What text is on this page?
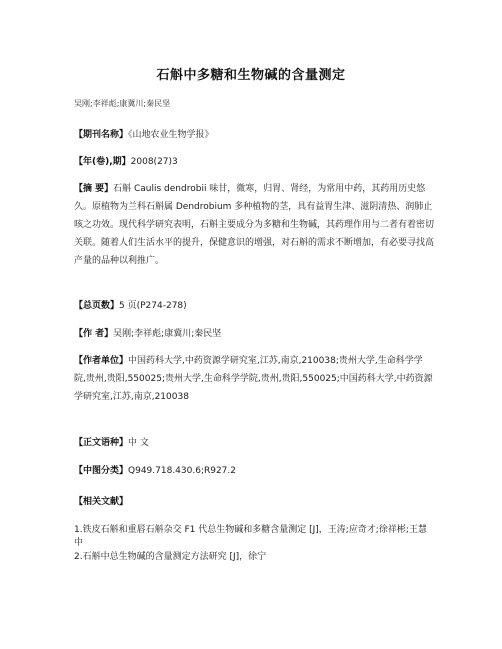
石斛中多糖和生物碱的含量测定
吴刚;李祥彪;康冀川;秦民坚
【期刊名称】《山地农业生物学报》
【年(卷),期】2008(27)3
【摘 要】石斛 Caulis dendrobii 味甘，微寒，归胃、肾经，为常用中药，其药用历史悠久。原植物为兰科石斛属 Dendrobium 多种植物的茎，具有益胃生津、滋阴清热、润肺止咳之功效。现代科学研究表明，石斛主要成分为多糖和生物碱，其药理作用与二者有着密切关联。随着人们生活水平的提升，保健意识的增强，对石斛的需求不断增加，有必要寻找高产量的品种以利推广。
【总页数】5 页(P274-278)
【作 者】吴刚;李祥彪;康冀川;秦民坚
【作者单位】中国药科大学,中药资源学研究室,江苏,南京,210038;贵州大学,生命科学学院,贵州,贵阳,550025;贵州大学,生命科学学院,贵州,贵阳,550025;中国药科大学,中药资源学研究室,江苏,南京,210038
【正文语种】中 文
【中图分类】Q949.718.430.6;R927.2
【相关文献】
1.铁皮石斛和重唇石斛杂交 F1 代总生物碱和多糖含量测定 [J]，王涛;应奇才;徐祥彬;王慧中
2.石斛中总生物碱的含量测定方法研究 [J]，徐宁
